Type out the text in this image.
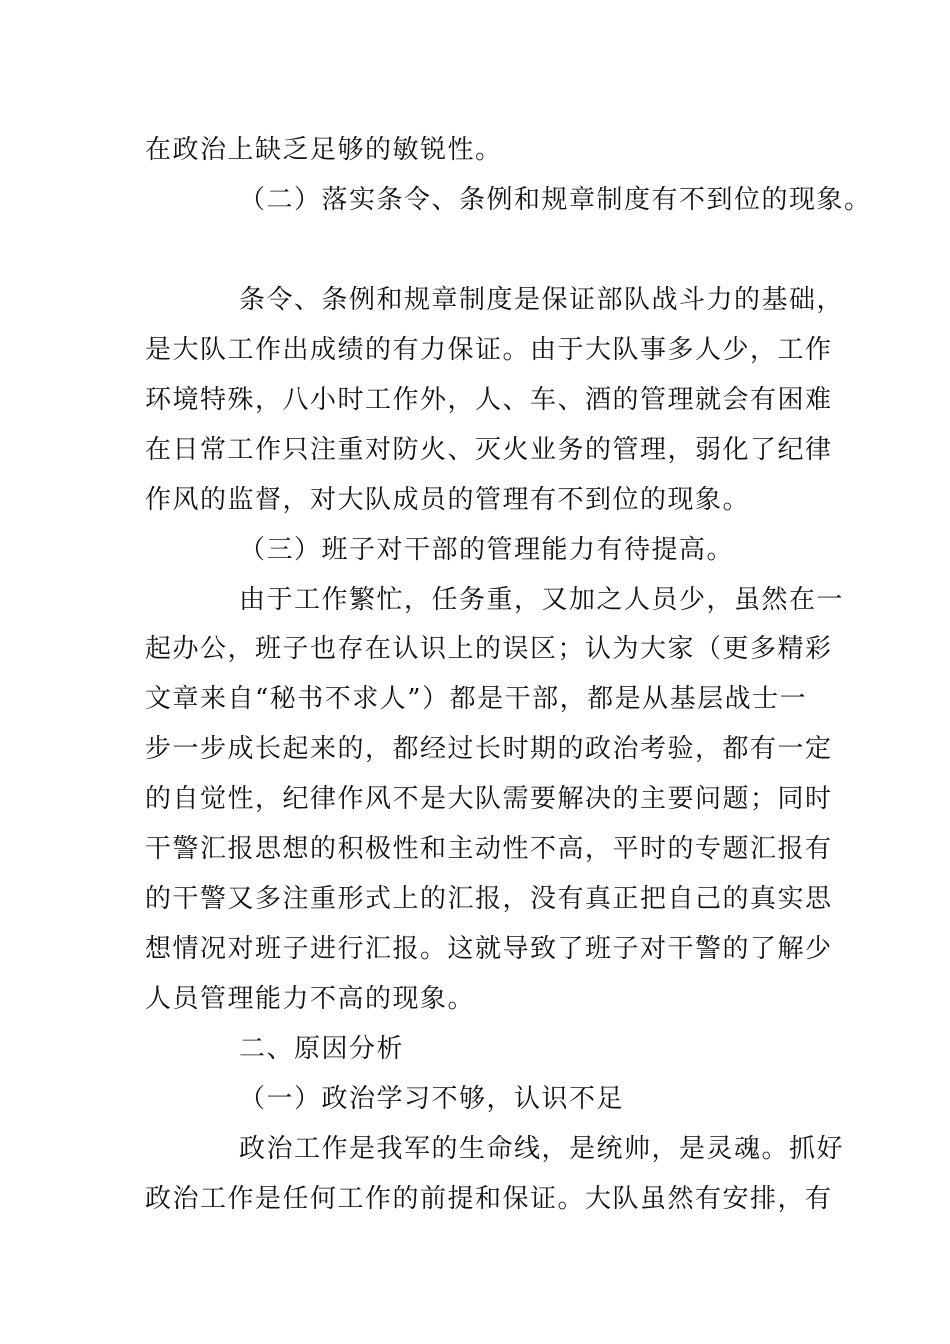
在政治上缺乏足够的敏锐性。
（二）落实条令、条例和规章制度有不到位的现象。
条令、条例和规章制度是保证部队战斗力的基础，
是大队工作出成绩的有力保证。由于大队事多人少，工作
环境特殊，八小时工作外，人、车、酒的管理就会有困难
在日常工作只注重对防火、灭火业务的管理，弱化了纪律
作风的监督，对大队成员的管理有不到位的现象。
（三）班子对干部的管理能力有待提高。
由于工作繁忙，任务重，又加之人员少，虽然在一
起办公，班子也存在认识上的误区；认为大家（更多精彩
文章来自“秘书不求人”）都是干部，都是从基层战士一
步一步成长起来的，都经过长时期的政治考验，都有一定
的自觉性，纪律作风不是大队需要解决的主要问题；同时
干警汇报思想的积极性和主动性不高，平时的专题汇报有
的干警又多注重形式上的汇报，没有真正把自己的真实思
想情况对班子进行汇报。这就导致了班子对干警的了解少
人员管理能力不高的现象。
二、原因分析
（一）政治学习不够，认识不足
政治工作是我军的生命线，是统帅，是灵魂。抓好
政治工作是任何工作的前提和保证。大队虽然有安排，有
